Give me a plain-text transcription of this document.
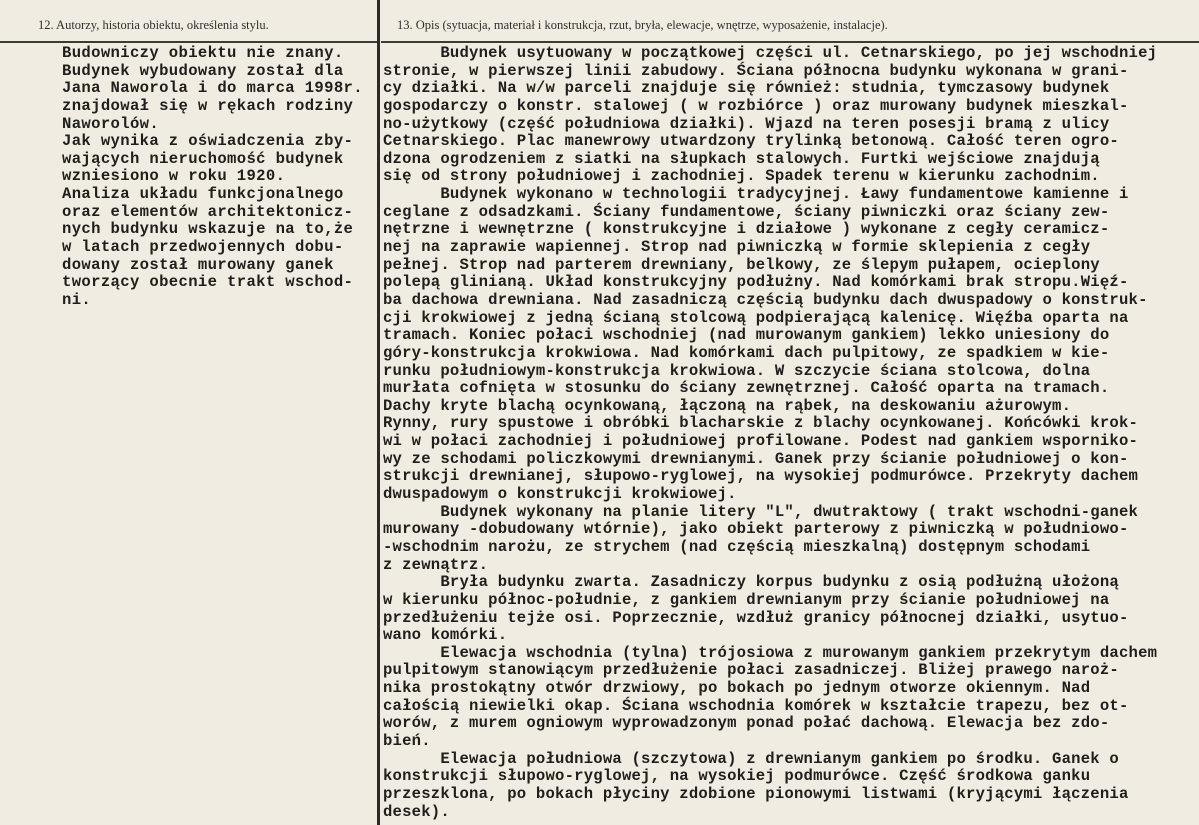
12. Autorzy, historia obiektu, określenia stylu.	13. Opis (sytuacja, materiał i konstrukcja, rzut, bryła, elewacje, wnętrze, wyposażenie, instalacje).
Budowniczy obiektu nie znany.
Budynek wybudowany został dla
Jana Naworola i do marca 1998r.
znajdował się w rękach rodziny
Naworolów.
Jak wynika z oświadczenia zby-
wających nieruchomość budynek
wzniesiono w roku 1920.
Analiza układu funkcjonalnego
oraz elementów architektonicz-
nych budynku wskazuje na to,że
w latach przedwojennych dobu-
dowany został murowany ganek
tworzący obecnie trakt wschod-
ni.
Budynek usytuowany w początkowej części ul. Cetnarskiego, po jej wschodniej
stronie, w pierwszej linii zabudowy. Ściana północna budynku wykonana w grani-
cy działki. Na w/w parceli znajduje się również: studnia, tymczasowy budynek
gospodarczy o konstr. stalowej ( w rozbiórce ) oraz murowany budynek mieszkal-
no-użytkowy (część południowa działki). Wjazd na teren posesji bramą z ulicy
Cetnarskiego. Plac manewrowy utwardzony trylinką betonową. Całość teren ogro-
dzona ogrodzeniem z siatki na słupkach stalowych. Furtki wejściowe znajdują
się od strony południowej i zachodniej. Spadek terenu w kierunku zachodnim.
Budynek wykonano w technologii tradycyjnej. Ławy fundamentowe kamienne i
ceglane z odsadzkami. Ściany fundamentowe, ściany piwniczki oraz ściany zew-
nętrzne i wewnętrzne ( konstrukcyjne i działowe ) wykonane z cegły ceramicz-
nej na zaprawie wapiennej. Strop nad piwniczką w formie sklepienia z cegły
pełnej. Strop nad parterem drewniany, belkowy, ze ślepym pułapem, ocieplony
polepą glinianą. Układ konstrukcyjny podłużny. Nad komórkami brak stropu.Więź-
ba dachowa drewniana. Nad zasadniczą częścią budynku dach dwuspadowy o konstruk-
cji krokwiowej z jedną ścianą stolcową podpierającą kalenicę. Więźba oparta na
tramach. Koniec połaci wschodniej (nad murowanym gankiem) lekko uniesiony do
góry-konstrukcja krokwiowa. Nad komórkami dach pulpitowy, ze spadkiem w kie-
runku południowym-konstrukcja krokwiowa. W szczycie ściana stolcowa, dolna
murłata cofnięta w stosunku do ściany zewnętrznej. Całość oparta na tramach.
Dachy kryte blachą ocynkowaną, łączoną na rąbek, na deskowaniu ażurowym.
Rynny, rury spustowe i obróbki blacharskie z blachy ocynkowanej. Końcówki krok-
wi w połaci zachodniej i południowej profilowane. Podest nad gankiem wsporniko-
wy ze schodami policzkowymi drewnianymi. Ganek przy ścianie południowej o kon-
strukcji drewnianej, słupowo-ryglowej, na wysokiej podmurówce. Przekryty dachem
dwuspadowym o konstrukcji krokwiowej.
Budynek wykonany na planie litery "L", dwutraktowy ( trakt wschodni-ganek
murowany -dobudowany wtórnie), jako obiekt parterowy z piwniczką w południowo-
-wschodnim narożu, ze strychem (nad częścią mieszkalną) dostępnym schodami
z zewnątrz.
Bryła budynku zwarta. Zasadniczy korpus budynku z osią podłużną ułożoną
w kierunku północ-południe, z gankiem drewnianym przy ścianie południowej na
przedłużeniu tejże osi. Poprzecznie, wzdłuż granicy północnej działki, usytuo-
wano komórki.
Elewacja wschodnia (tylna) trójosiowa z murowanym gankiem przekrytym dachem
pulpitowym stanowiącym przedłużenie połaci zasadniczej. Bliżej prawego naroż-
nika prostokątny otwór drzwiowy, po bokach po jednym otworze okiennym. Nad
całością niewielki okap. Ściana wschodnia komórek w kształcie trapezu, bez ot-
worów, z murem ogniowym wyprowadzonym ponad połać dachową. Elewacja bez zdo-
bień.
Elewacja południowa (szczytowa) z drewnianym gankiem po środku. Ganek o
konstrukcji słupowo-ryglowej, na wysokiej podmurówce. Część środkowa ganku
przeszklona, po bokach płyciny zdobione pionowymi listwami (kryjącymi łączenia
desek).
